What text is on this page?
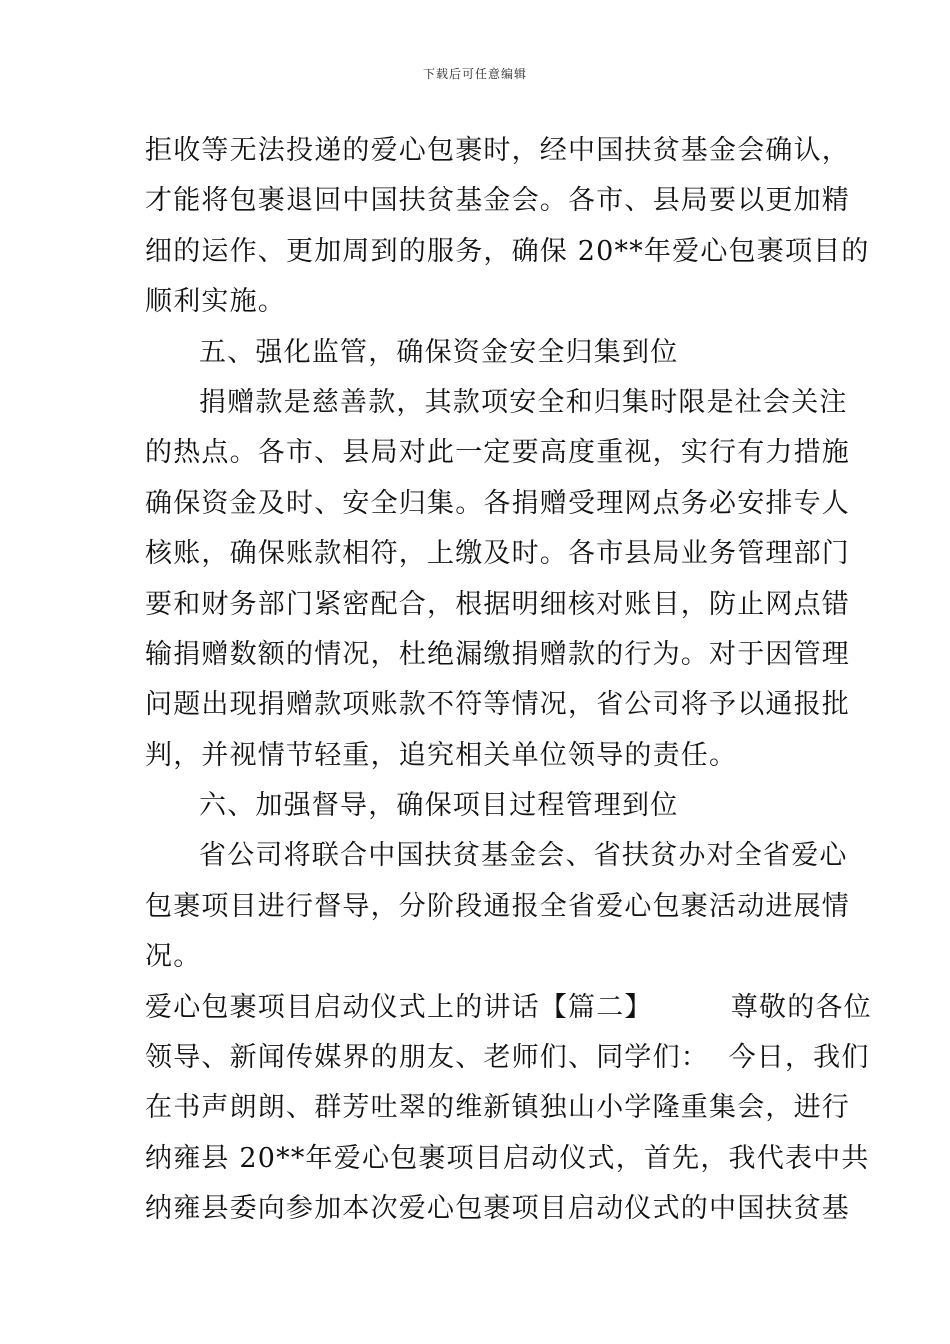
下载后可任意编辑
拒收等无法投递的爱心包裹时，经中国扶贫基金会确认，
才能将包裹退回中国扶贫基金会。各市、县局要以更加精
细的运作、更加周到的服务，确保 20**年爱心包裹项目的
顺利实施。
五、强化监管，确保资金安全归集到位
捐赠款是慈善款，其款项安全和归集时限是社会关注
的热点。各市、县局对此一定要高度重视，实行有力措施
确保资金及时、安全归集。各捐赠受理网点务必安排专人
核账，确保账款相符，上缴及时。各市县局业务管理部门
要和财务部门紧密配合，根据明细核对账目，防止网点错
输捐赠数额的情况，杜绝漏缴捐赠款的行为。对于因管理
问题出现捐赠款项账款不符等情况，省公司将予以通报批
判，并视情节轻重，追究相关单位领导的责任。
六、加强督导，确保项目过程管理到位
省公司将联合中国扶贫基金会、省扶贫办对全省爱心
包裹项目进行督导，分阶段通报全省爱心包裹活动进展情
况。
爱心包裹项目启动仪式上的讲话【篇二】        尊敬的各位
领导、新闻传媒界的朋友、老师们、同学们：  今日，我们
在书声朗朗、群芳吐翠的维新镇独山小学隆重集会，进行
纳雍县 20**年爱心包裹项目启动仪式，首先，我代表中共
纳雍县委向参加本次爱心包裹项目启动仪式的中国扶贫基
